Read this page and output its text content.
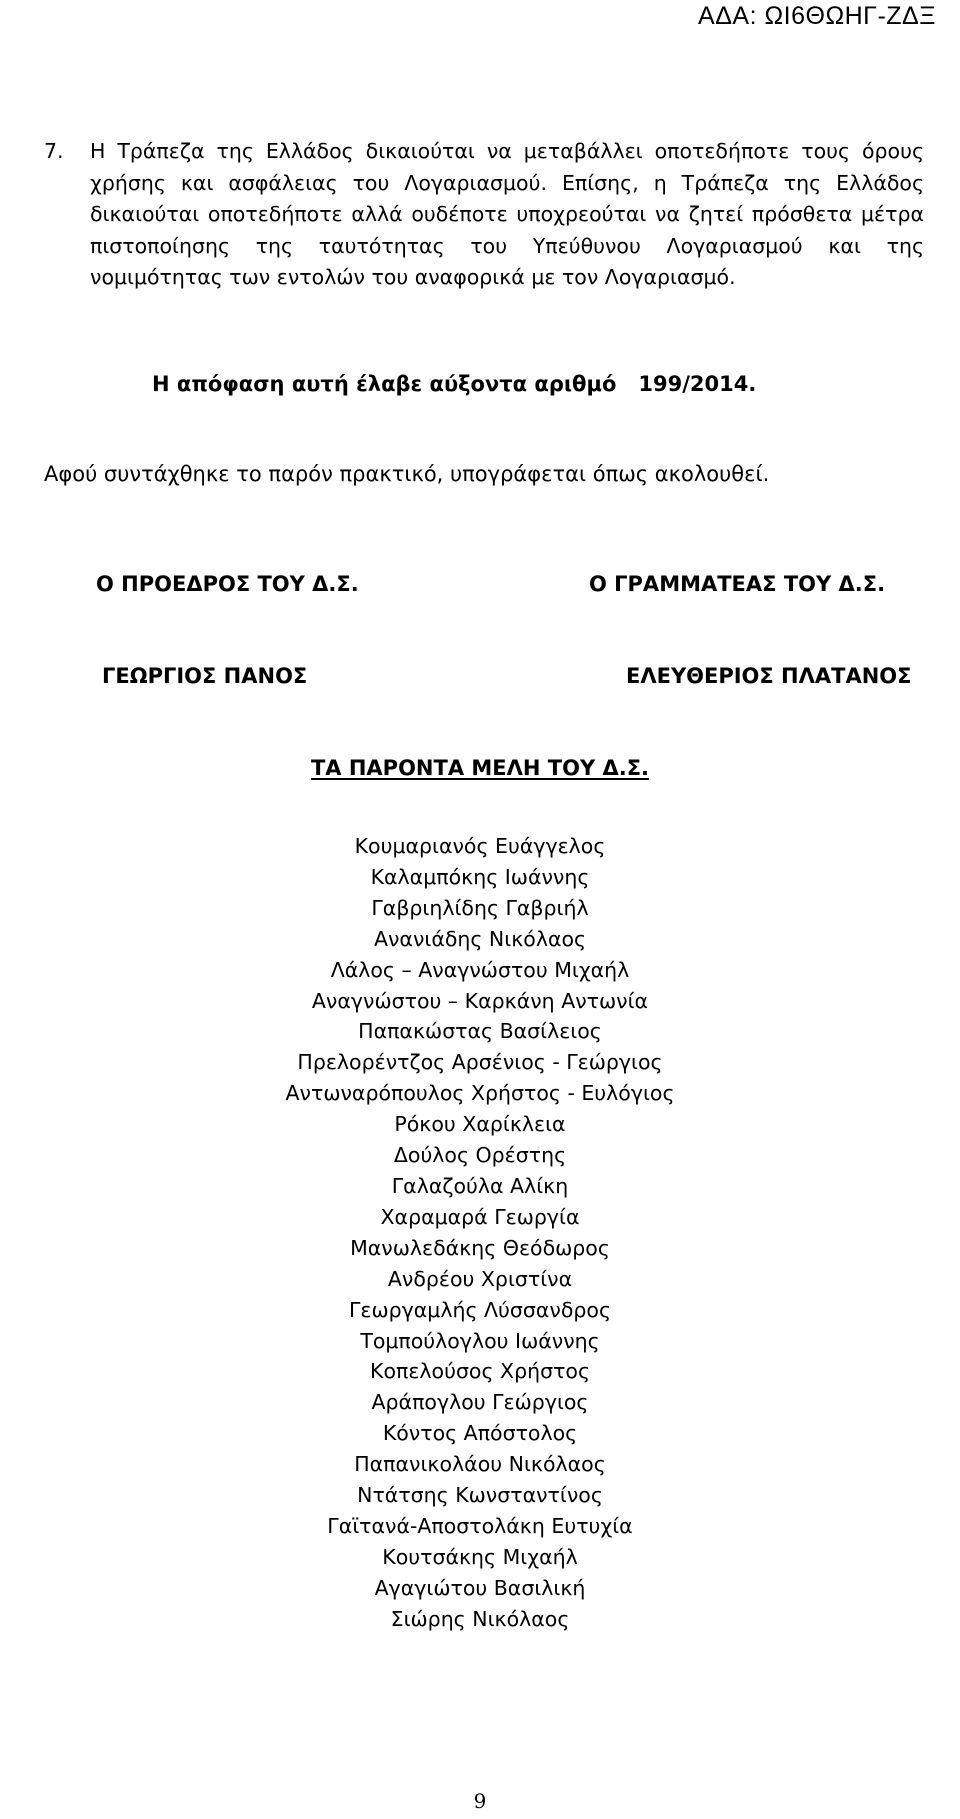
ΑΔΑ: ΩΙ6ΘΩΗΓ-ΖΔΞ
7.	Η Τράπεζα της Ελλάδος δικαιούται να μεταβάλλει οποτεδήποτε τους όρους χρήσης και ασφάλειας του Λογαριασμού. Επίσης, η Τράπεζα της Ελλάδος δικαιούται οποτεδήποτε αλλά ουδέποτε υποχρεούται να ζητεί πρόσθετα μέτρα πιστοποίησης της ταυτότητας του Υπεύθυνου Λογαριασμού και της νομιμότητας των εντολών του αναφορικά με τον Λογαριασμό.
Η απόφαση αυτή έλαβε αύξοντα αριθμό 199/2014.
Αφού συντάχθηκε το παρόν πρακτικό, υπογράφεται όπως ακολουθεί.
Ο ΠΡΟΕΔΡΟΣ ΤΟΥ Δ.Σ.	Ο ΓΡΑΜΜΑΤΕΑΣ ΤΟΥ Δ.Σ.
ΓΕΩΡΓΙΟΣ ΠΑΝΟΣ	ΕΛΕΥΘΕΡΙΟΣ ΠΛΑΤΑΝΟΣ
ΤΑ ΠΑΡΟΝΤΑ ΜΕΛΗ ΤΟΥ Δ.Σ.
Κουμαριανός Ευάγγελος
Καλαμπόκης Ιωάννης
Γαβριηλίδης Γαβριήλ
Ανανιάδης Νικόλαος
Λάλος – Αναγνώστου Μιχαήλ
Αναγνώστου – Καρκάνη Αντωνία
Παπακώστας Βασίλειος
Πρελορέντζος Αρσένιος - Γεώργιος
Αντωναρόπουλος Χρήστος - Ευλόγιος
Ρόκου Χαρίκλεια
Δούλος Ορέστης
Γαλαζούλα Αλίκη
Χαραμαρά Γεωργία
Μανωλεδάκης Θεόδωρος
Ανδρέου Χριστίνα
Γεωργαμλής Λύσσανδρος
Τομπούλογλου Ιωάννης
Κοπελούσος Χρήστος
Αράπογλου Γεώργιος
Κόντος Απόστολος
Παπανικολάου Νικόλαος
Ντάτσης Κωνσταντίνος
Γαϊτανά-Αποστολάκη Ευτυχία
Κουτσάκης Μιχαήλ
Αγαγιώτου Βασιλική
Σιώρης Νικόλαος
9
